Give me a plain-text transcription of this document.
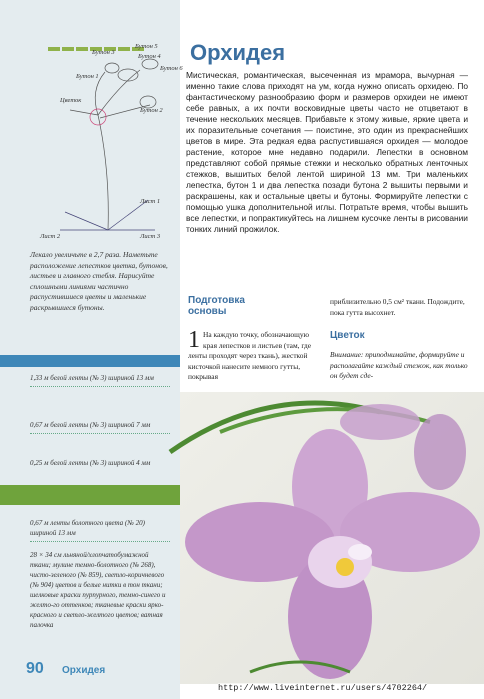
Бутон 3
Бутон 5
Бутон 1
Бутон 4
Бутон 6
Цветок
Бутон 2
Лист 1
Лист 2	Лист 3
Лекало увеличьте в 2,7 раза. Наметьте расположение лепестков цветка, бутонов, листьев и главного стебля. Нарисуйте сплошными линиями частично распустившиеся цветы и маленькие раскрывшиеся бутоны.
1,33 м белой ленты (№ 3) шириной 13 мм
0,67 м белой ленты (№ 3) шириной 7 мм
0,25 м белой ленты (№ 3) шириной 4 мм
0,67 м ленты болотного цвета (№ 20) шириной 13 мм
28 × 34 см льняной/хлопчатобумажной ткани; мулине темно-болотного (№ 268), чисто-зеленого (№ 859), светло-коричневого (№ 904) цветов и белые нитки в тон ткани; шелковые краски пурпурного, темно-синего и желто-го оттенков; тканевые краски ярко-красного и светло-желтого цветов; ватная палочка
Орхидея
Мистическая, романтическая, высеченная из мрамора, вычурная — именно такие слова приходят на ум, когда нужно описать орхидею. По фантастическому разнообразию форм и размеров орхидеи не имеют себе равных, а их почти восковидные цветы часто не отцветают в течение нескольких месяцев. Прибавьте к этому живые, яркие цвета и их поразительные сочетания — поистине, это один из прекраснейших цветов в мире. Эта редкая едва распустившаяся орхидея — молодое растение, которое мне недавно подарили. Лепестки в основном представляют собой прямые стежки и несколько обратных ленточных стежков, вышитых белой лентой шириной 13 мм. Три маленьких лепестка, бутон 1 и два лепестка позади бутона 2 вышиты первыми и раскрашены, как и остальные цветы и бутоны. Формируйте лепестки с помощью ушка дополнительной иглы. Потратьте время, чтобы вышить все лепестки, и попрактикуйтесь на лишнем кусочке ленты в рисовании тонких линий прожилок.
Подготовка основы
1 На каждую точку, обозначающую края лепестков и листьев (там, где ленты проходят через ткань), жесткой кисточкой нанесите немного гутты, покрывая
приблизительно 0,5 см² ткани. Подождите, пока гутта высохнет.
Цветок
Внимание: приподнимайте, формируйте и располагайте каждый стежок, как только он будет сде-
90 Орхидея
http://www.liveinternet.ru/users/4702264/
